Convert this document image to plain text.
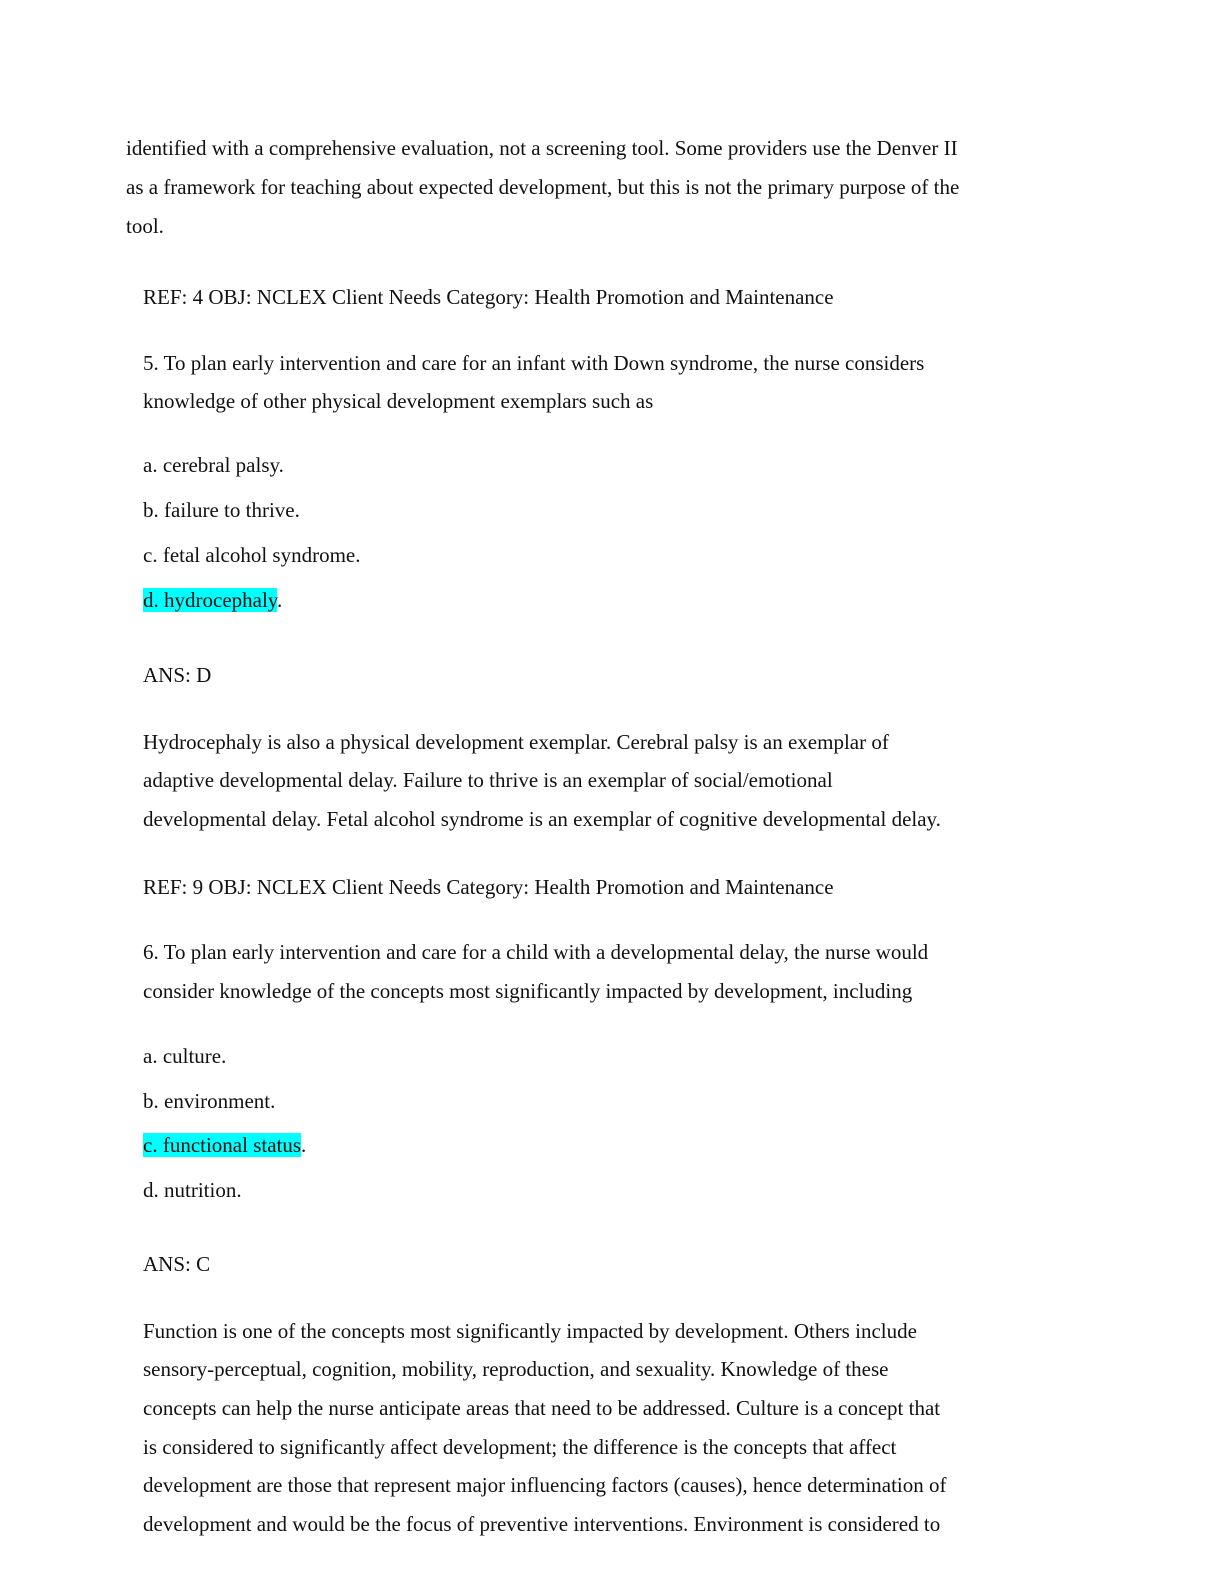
identified with a comprehensive evaluation, not a screening tool. Some providers use the Denver II
as a framework for teaching about expected development, but this is not the primary purpose of the
tool.
REF: 4 OBJ: NCLEX Client Needs Category: Health Promotion and Maintenance
5. To plan early intervention and care for an infant with Down syndrome, the nurse considers
knowledge of other physical development exemplars such as
a. cerebral palsy.
b. failure to thrive.
c. fetal alcohol syndrome.
d. hydrocephaly.
ANS: D
Hydrocephaly is also a physical development exemplar. Cerebral palsy is an exemplar of
adaptive developmental delay. Failure to thrive is an exemplar of social/emotional
developmental delay. Fetal alcohol syndrome is an exemplar of cognitive developmental delay.
REF: 9 OBJ: NCLEX Client Needs Category: Health Promotion and Maintenance
6. To plan early intervention and care for a child with a developmental delay, the nurse would
consider knowledge of the concepts most significantly impacted by development, including
a. culture.
b. environment.
c. functional status.
d. nutrition.
ANS: C
Function is one of the concepts most significantly impacted by development. Others include
sensory-perceptual, cognition, mobility, reproduction, and sexuality. Knowledge of these
concepts can help the nurse anticipate areas that need to be addressed. Culture is a concept that
is considered to significantly affect development; the difference is the concepts that affect
development are those that represent major influencing factors (causes), hence determination of
development and would be the focus of preventive interventions. Environment is considered to
